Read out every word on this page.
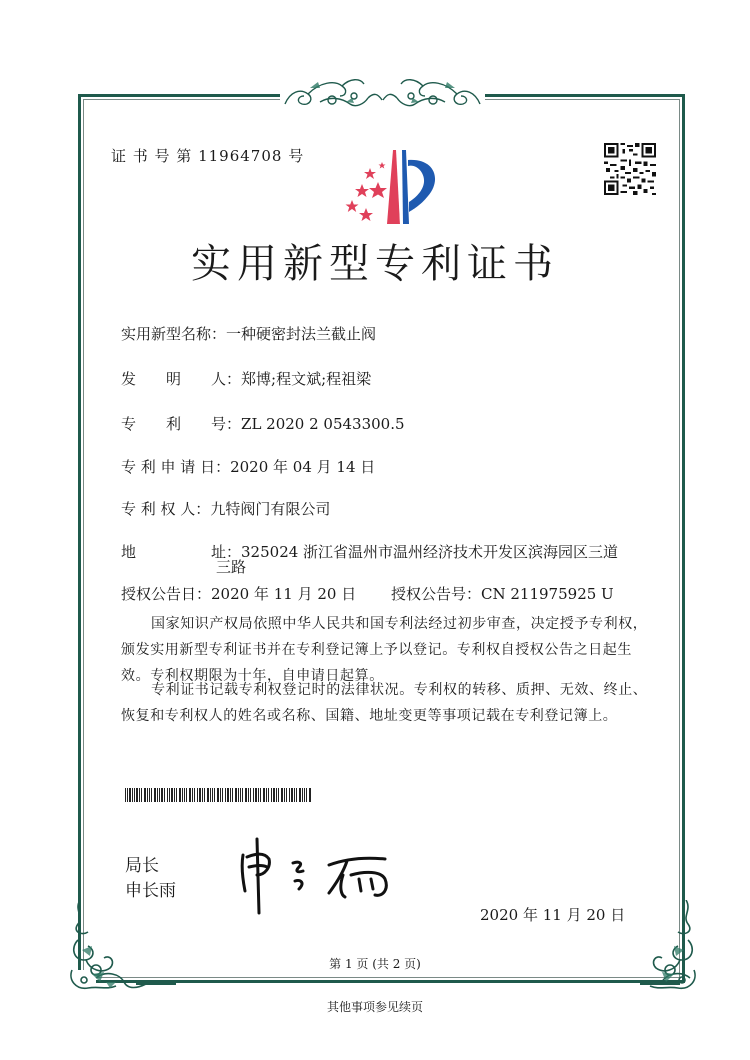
证 书 号 第 11964708 号
实用新型专利证书
实用新型名称：一种硬密封法兰截止阀
发　　明　　人：郑博;程文斌;程祖梁
专　　利　　号：ZL 2020 2 0543300.5
专 利 申 请 日：2020 年 04 月 14 日
专 利 权 人：九特阀门有限公司
地　　　　　址：325024 浙江省温州市温州经济技术开发区滨海园区三道
三路
授权公告日：2020 年 11 月 20 日 授权公告号：CN 211975925 U
国家知识产权局依照中华人民共和国专利法经过初步审查，决定授予专利权，颁发实用新型专利证书并在专利登记簿上予以登记。专利权自授权公告之日起生效。专利权期限为十年，自申请日起算。
专利证书记载专利权登记时的法律状况。专利权的转移、质押、无效、终止、恢复和专利权人的姓名或名称、国籍、地址变更等事项记载在专利登记簿上。
局长
申长雨
2020 年 11 月 20 日
第 1 页 (共 2 页)
其他事项参见续页
